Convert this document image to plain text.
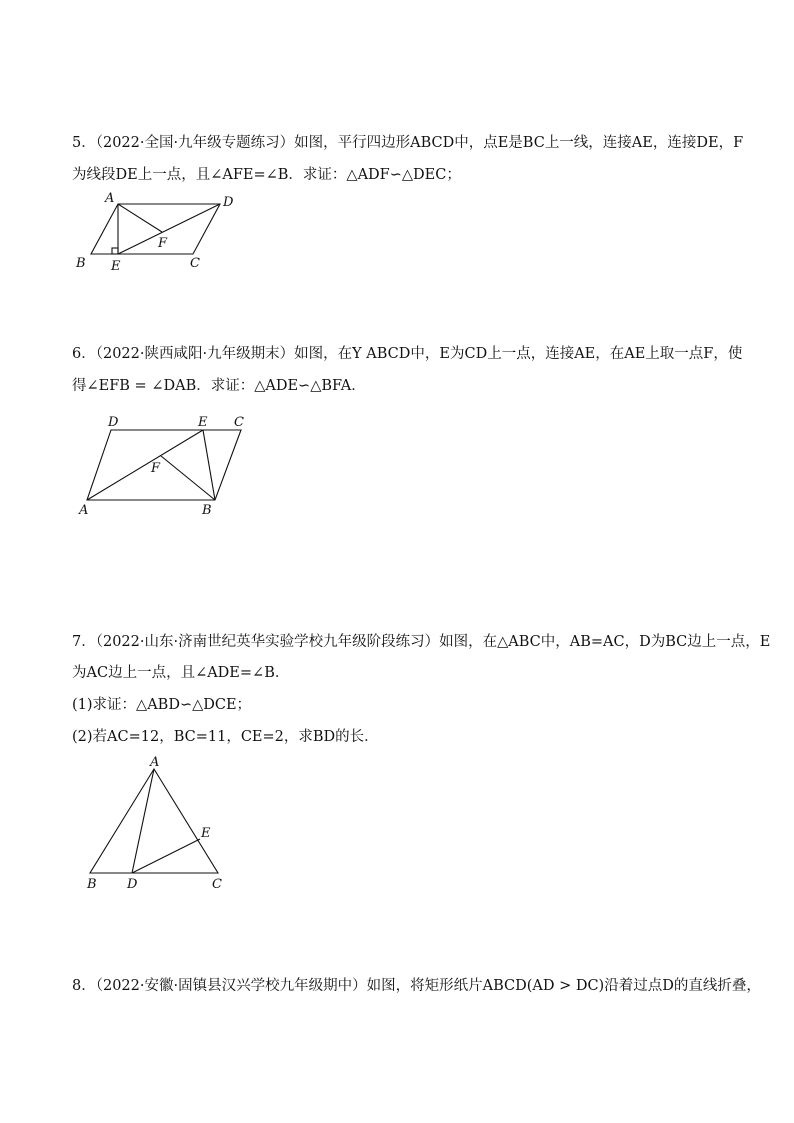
5．（2022·全国·九年级专题练习）如图，平行四边形ABCD中，点E是BC上一线，连接AE，连接DE，F
为线段DE上一点，且∠AFE=∠B．求证：△ADF∽△DEC；
A	D
F
B E	C
6．（2022·陕西咸阳·九年级期末）如图，在Y ABCD中，E为CD上一点，连接AE，在AE上取一点F，使
得∠EFB = ∠DAB．求证：△ADE∽△BFA．
D	E C
F
A	B
7．（2022·山东·济南世纪英华实验学校九年级阶段练习）如图，在△ABC中，AB=AC，D为BC边上一点，E
为AC边上一点，且∠ADE=∠B．
(1)求证：△ABD∽△DCE；
(2)若AC=12，BC=11，CE=2，求BD的长．
A
E
B D	C
8．（2022·安徽·固镇县汉兴学校九年级期中）如图，将矩形纸片ABCD(AD > DC)沿着过点D的直线折叠，
